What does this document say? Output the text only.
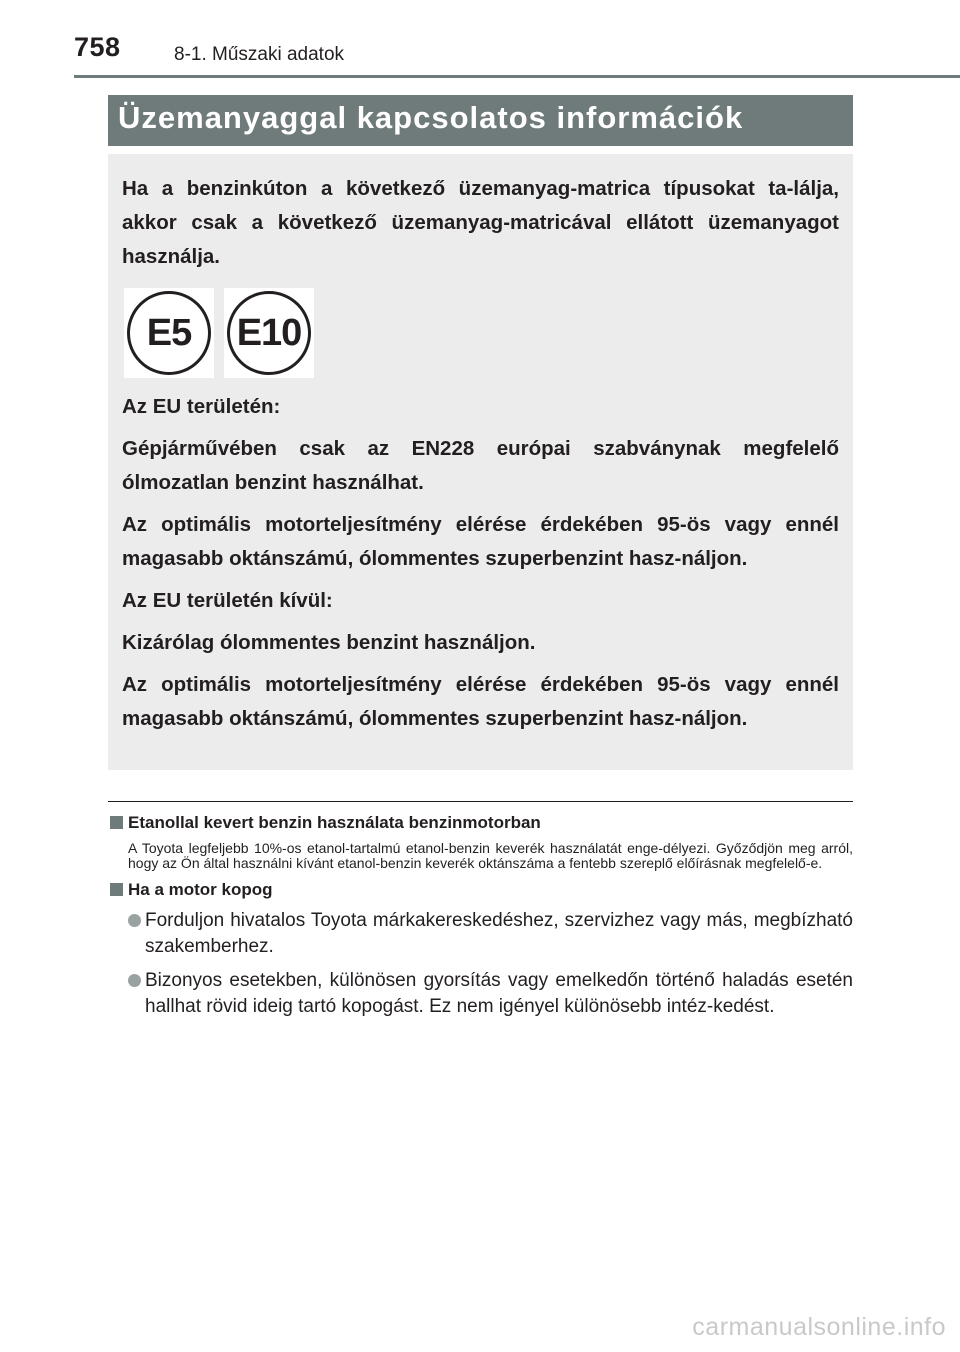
758	8-1. Műszaki adatok
Üzemanyaggal kapcsolatos információk

Ha a benzinkúton a következő üzemanyag-matrica típusokat ta-lálja, akkor csak a következő üzemanyag-matricával ellátott üzemanyagot használja.

E5	E10

Az EU területén:

Gépjárművében csak az EN228 európai szabványnak megfelelő ólmozatlan benzint használhat.

Az optimális motorteljesítmény elérése érdekében 95-ös vagy ennél magasabb oktánszámú, ólommentes szuperbenzint hasz-náljon.

Az EU területén kívül:

Kizárólag ólommentes benzint használjon.

Az optimális motorteljesítmény elérése érdekében 95-ös vagy ennél magasabb oktánszámú, ólommentes szuperbenzint hasz-náljon.

Etanollal kevert benzin használata benzinmotorban
A Toyota legfeljebb 10%-os etanol-tartalmú etanol-benzin keverék használatát enge-délyezi. Győződjön meg arról, hogy az Ön által használni kívánt etanol-benzin keverék oktánszáma a fentebb szereplő előírásnak megfelelő-e.
Ha a motor kopog
Forduljon hivatalos Toyota márkakereskedéshez, szervizhez vagy más, megbízható szakemberhez.
Bizonyos esetekben, különösen gyorsítás vagy emelkedőn történő haladás esetén hallhat rövid ideig tartó kopogást. Ez nem igényel különösebb intéz-kedést.
carmanualsonline.info
